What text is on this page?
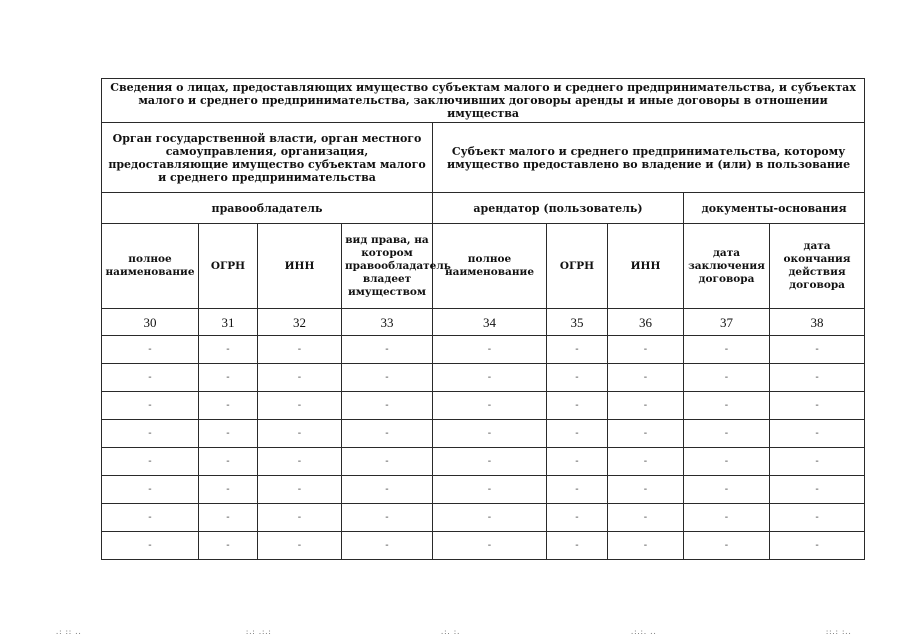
Сведения о лицах, предоставляющих имущество субъектам малого и среднего предпринимательства, и субъектах малого и среднего предпринимательства, заключивших договоры аренды и иные договоры в отношении имущества								
Орган государственной власти, орган местного самоуправления, организация, предоставляющие имущество субъектам малого и среднего предпринимательства				Субъект малого и среднего предпринимательства, которому имущество предоставлено во владение и (или) в пользование				
правообладатель				арендатор (пользователь)			документы-основания	
полное наименование	ОГРН	ИНН	вид права, на котором правообладатель владеет имуществом	полное наименование	ОГРН	ИНН	дата заключения договора	дата окончания действия договора
30	31	32	33	34	35	36	37	38
-	-	-	-	-	-	-	-	-
-	-	-	-	-	-	-	-	-
-	-	-	-	-	-	-	-	-
-	-	-	-	-	-	-	-	-
-	-	-	-	-	-	-	-	-
-	-	-	-	-	-	-	-	-
-	-	-	-	-	-	-	-	-
-	-	-	-	-	-	-	-	-
.: :: ..	:.: .:.:	.:. :.	.:.:. ..	::.: :..
